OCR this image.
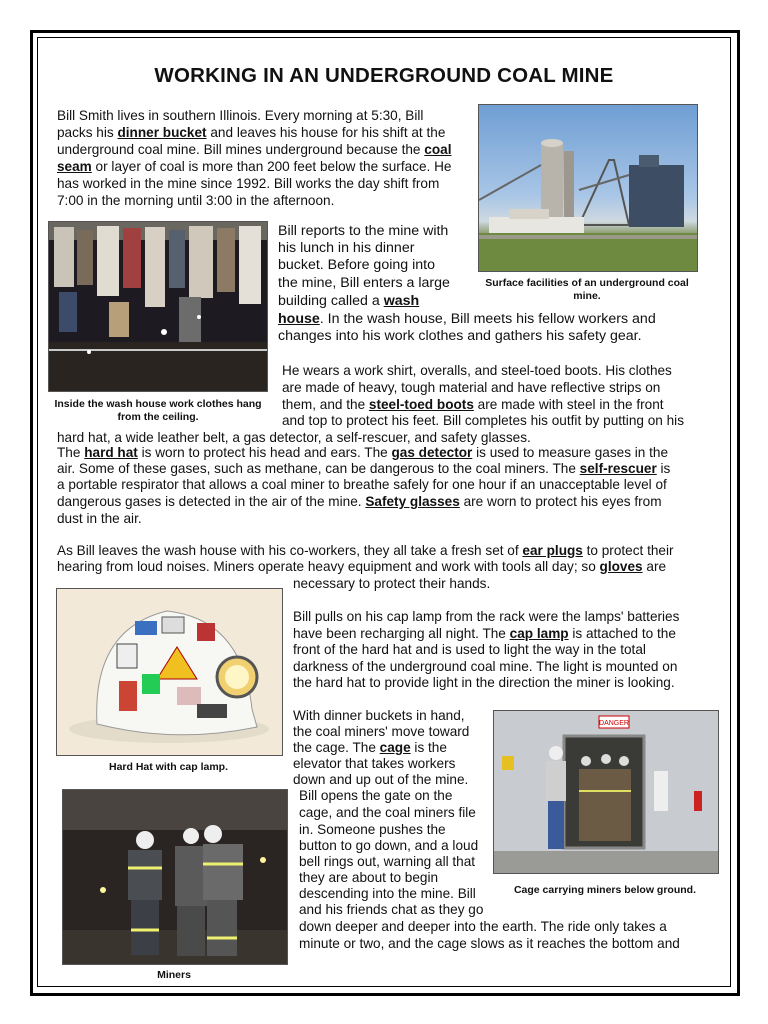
WORKING IN AN UNDERGROUND COAL MINE
Bill Smith lives in southern Illinois. Every morning at 5:30, Bill
packs his dinner bucket and leaves his house for his shift at the
underground coal mine. Bill mines underground because the coal
seam or layer of coal is more than 200 feet below the surface. He
has worked in the mine since 1992. Bill works the day shift from
7:00 in the morning until 3:00 in the afternoon.
Surface facilities of an underground coal mine.
Inside the wash house work clothes hang from the ceiling.
Bill reports to the mine with
his lunch in his dinner
bucket. Before going into
the mine, Bill enters a large
building called a wash
house. In the wash house, Bill meets his fellow workers and
changes into his work clothes and gathers his safety gear.
He wears a work shirt, overalls, and steel-toed boots. His clothes
are made of heavy, tough material and have reflective strips on
them, and the steel-toed boots are made with steel in the front
and top to protect his feet. Bill completes his outfit by putting on his
hard hat, a wide leather belt, a gas detector, a self-rescuer, and safety glasses.
The hard hat is worn to protect his head and ears. The gas detector is used to measure gases in the
air. Some of these gases, such as methane, can be dangerous to the coal miners. The self-rescuer is
a portable respirator that allows a coal miner to breathe safely for one hour if an unacceptable level of
dangerous gases is detected in the air of the mine. Safety glasses are worn to protect his eyes from
dust in the air.
As Bill leaves the wash house with his co-workers, they all take a fresh set of ear plugs to protect their
hearing from loud noises. Miners operate heavy equipment and work with tools all day; so gloves are
necessary to protect their hands.
Hard Hat with cap lamp.
Bill pulls on his cap lamp from the rack were the lamps' batteries
have been recharging all night. The cap lamp is attached to the
front of the hard hat and is used to light the way in the total
darkness of the underground coal mine. The light is mounted on
the hard hat to provide light in the direction the miner is looking.
DANGER
Cage carrying miners below ground.
Miners
With dinner buckets in hand,
the coal miners' move toward
the cage. The cage is the
elevator that takes workers
down and up out of the mine.
Bill opens the gate on the
cage, and the coal miners file
in. Someone pushes the
button to go down, and a loud
bell rings out, warning all that
they are about to begin
descending into the mine. Bill
and his friends chat as they go
down deeper and deeper into the earth. The ride only takes a
minute or two, and the cage slows as it reaches the bottom and
